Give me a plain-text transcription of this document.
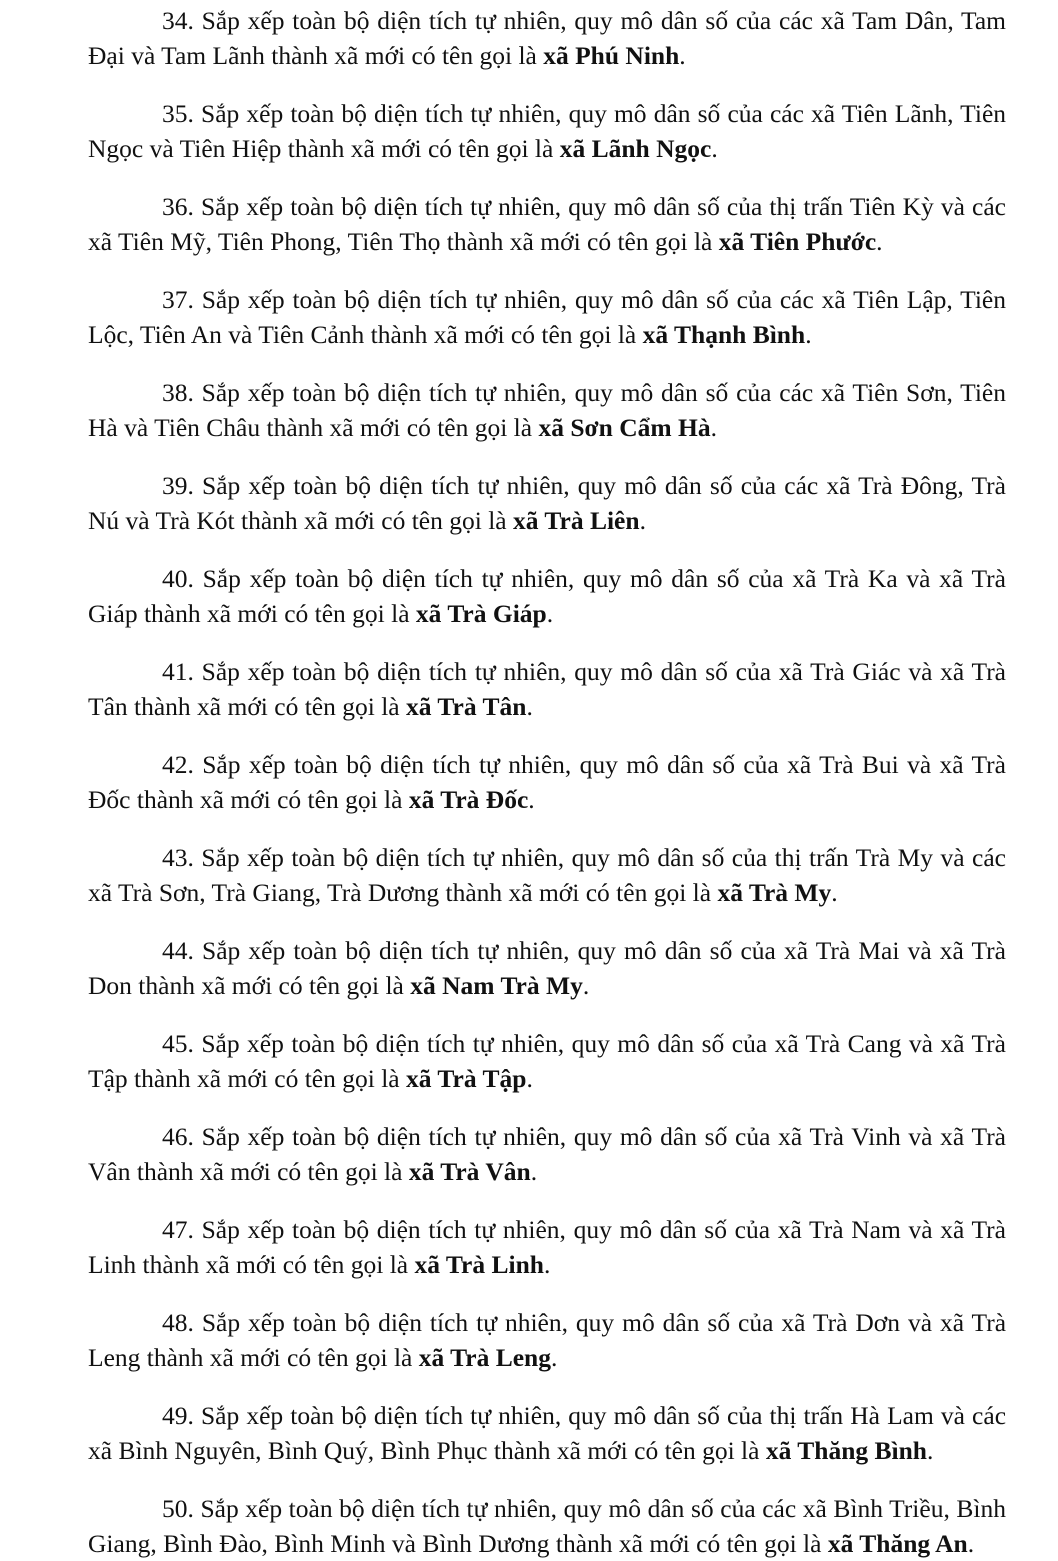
34. Sắp xếp toàn bộ diện tích tự nhiên, quy mô dân số của các xã Tam Dân, Tam Đại và Tam Lãnh thành xã mới có tên gọi là xã Phú Ninh.

35. Sắp xếp toàn bộ diện tích tự nhiên, quy mô dân số của các xã Tiên Lãnh, Tiên Ngọc và Tiên Hiệp thành xã mới có tên gọi là xã Lãnh Ngọc.

36. Sắp xếp toàn bộ diện tích tự nhiên, quy mô dân số của thị trấn Tiên Kỳ và các xã Tiên Mỹ, Tiên Phong, Tiên Thọ thành xã mới có tên gọi là xã Tiên Phước.

37. Sắp xếp toàn bộ diện tích tự nhiên, quy mô dân số của các xã Tiên Lập, Tiên Lộc, Tiên An và Tiên Cảnh thành xã mới có tên gọi là xã Thạnh Bình.

38. Sắp xếp toàn bộ diện tích tự nhiên, quy mô dân số của các xã Tiên Sơn, Tiên Hà và Tiên Châu thành xã mới có tên gọi là xã Sơn Cẩm Hà.

39. Sắp xếp toàn bộ diện tích tự nhiên, quy mô dân số của các xã Trà Đông, Trà Nú và Trà Kót thành xã mới có tên gọi là xã Trà Liên.

40. Sắp xếp toàn bộ diện tích tự nhiên, quy mô dân số của xã Trà Ka và xã Trà Giáp thành xã mới có tên gọi là xã Trà Giáp.

41. Sắp xếp toàn bộ diện tích tự nhiên, quy mô dân số của xã Trà Giác và xã Trà Tân thành xã mới có tên gọi là xã Trà Tân.

42. Sắp xếp toàn bộ diện tích tự nhiên, quy mô dân số của xã Trà Bui và xã Trà Đốc thành xã mới có tên gọi là xã Trà Đốc.

43. Sắp xếp toàn bộ diện tích tự nhiên, quy mô dân số của thị trấn Trà My và các xã Trà Sơn, Trà Giang, Trà Dương thành xã mới có tên gọi là xã Trà My.

44. Sắp xếp toàn bộ diện tích tự nhiên, quy mô dân số của xã Trà Mai và xã Trà Don thành xã mới có tên gọi là xã Nam Trà My.

45. Sắp xếp toàn bộ diện tích tự nhiên, quy mô dân số của xã Trà Cang và xã Trà Tập thành xã mới có tên gọi là xã Trà Tập.

46. Sắp xếp toàn bộ diện tích tự nhiên, quy mô dân số của xã Trà Vinh và xã Trà Vân thành xã mới có tên gọi là xã Trà Vân.

47. Sắp xếp toàn bộ diện tích tự nhiên, quy mô dân số của xã Trà Nam và xã Trà Linh thành xã mới có tên gọi là xã Trà Linh.

48. Sắp xếp toàn bộ diện tích tự nhiên, quy mô dân số của xã Trà Dơn và xã Trà Leng thành xã mới có tên gọi là xã Trà Leng.

49. Sắp xếp toàn bộ diện tích tự nhiên, quy mô dân số của thị trấn Hà Lam và các xã Bình Nguyên, Bình Quý, Bình Phục thành xã mới có tên gọi là xã Thăng Bình.

50. Sắp xếp toàn bộ diện tích tự nhiên, quy mô dân số của các xã Bình Triều, Bình Giang, Bình Đào, Bình Minh và Bình Dương thành xã mới có tên gọi là xã Thăng An.
